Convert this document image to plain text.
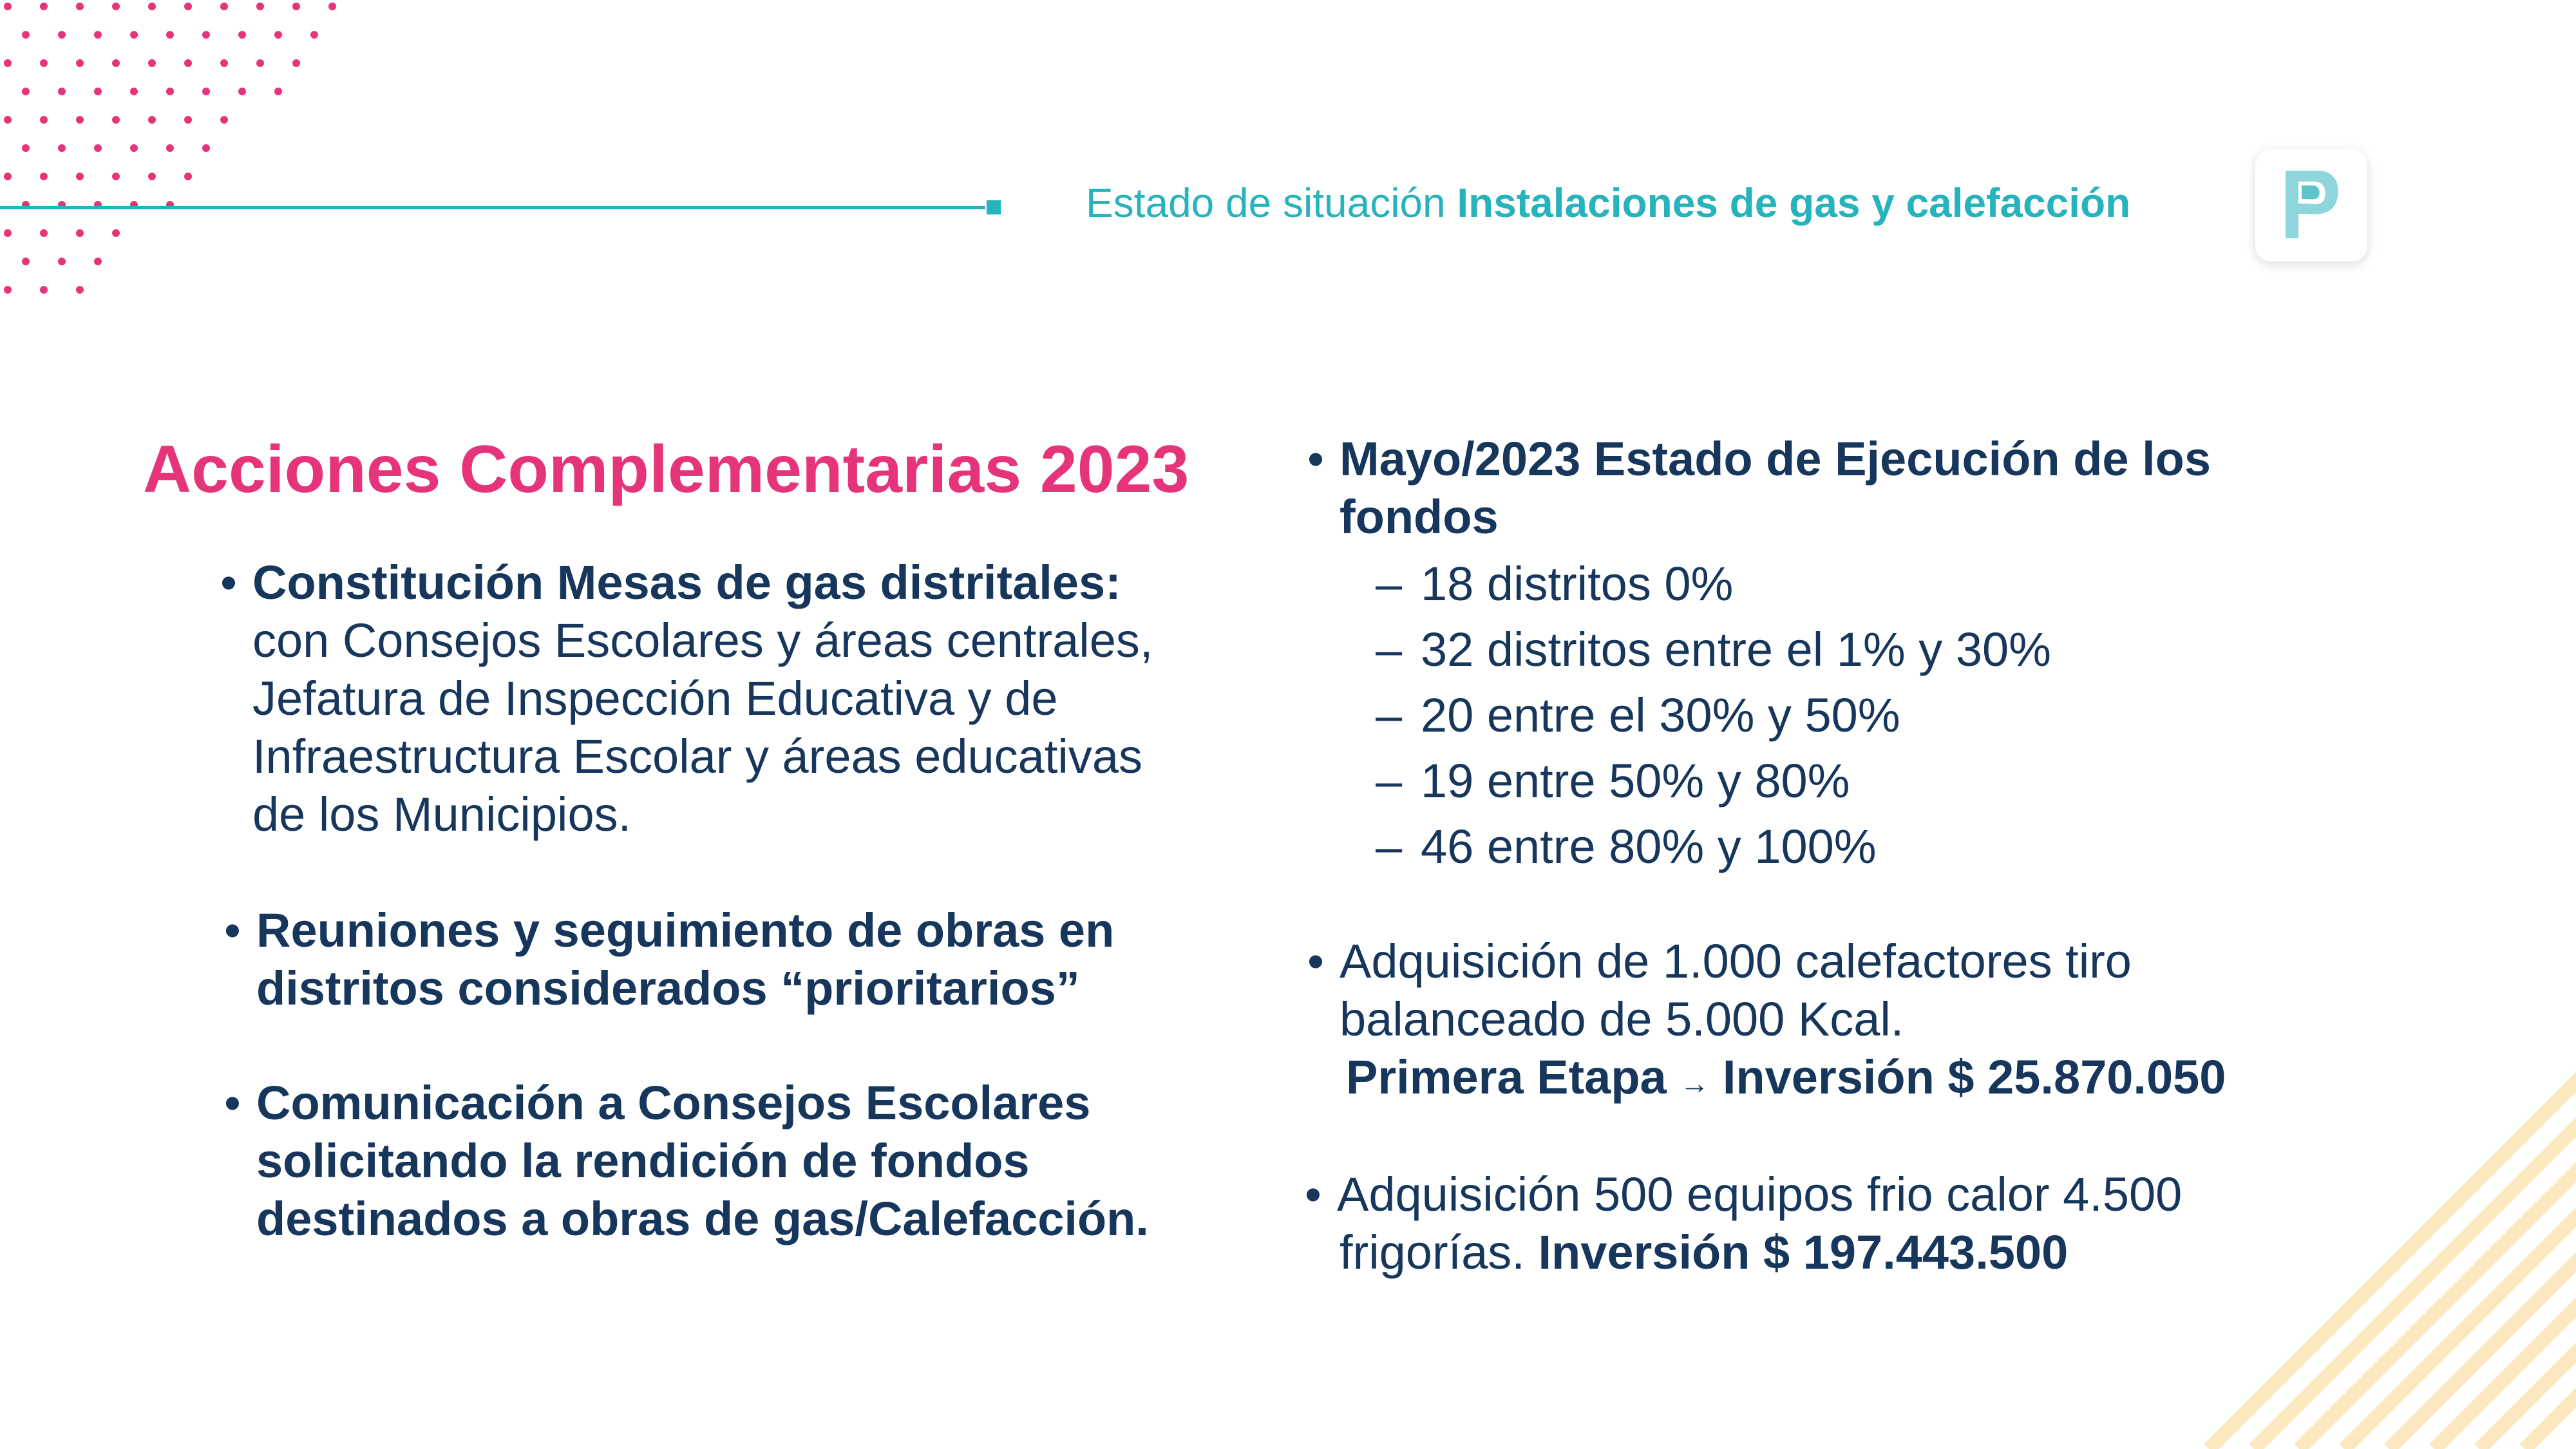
Estado de situación Instalaciones de gas y calefacción
Acciones Complementarias 2023
• Constitución Mesas de gas distritales:
con Consejos Escolares y áreas centrales,
Jefatura de Inspección Educativa y de
Infraestructura Escolar y áreas educativas
de los Municipios.
• Reuniones y seguimiento de obras en
distritos considerados “prioritarios”
• Comunicación a Consejos Escolares
solicitando la rendición de fondos
destinados a obras de gas/Calefacción.
• Mayo/2023 Estado de Ejecución de los
fondos
– 18 distritos 0%
– 32 distritos entre el 1% y 30%
– 20 entre el 30% y 50%
– 19 entre 50% y 80%
– 46 entre 80% y 100%
• Adquisición de 1.000 calefactores tiro
balanceado de 5.000 Kcal.
Primera Etapa → Inversión $ 25.870.050
• Adquisición 500 equipos frio calor 4.500
frigorías. Inversión $ 197.443.500
